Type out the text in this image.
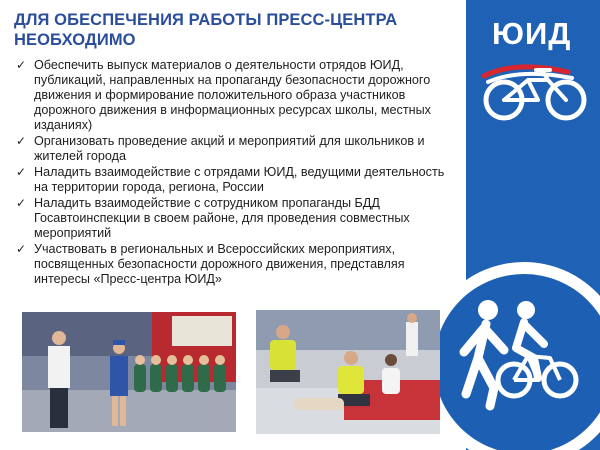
ДЛЯ ОБЕСПЕЧЕНИЯ РАБОТЫ ПРЕСС-ЦЕНТРА НЕОБХОДИМО
✓ Обеспечить выпуск материалов о деятельности отрядов ЮИД, публикаций, направленных на пропаганду безопасности дорожного движения и формирование положительного образа участников дорожного движения в информационных ресурсах школы, местных изданиях)
✓ Организовать проведение акций и мероприятий для школьников и жителей города
✓ Наладить взаимодействие с отрядами ЮИД, ведущими деятельность на территории города, региона, России
✓ Наладить взаимодействие с сотрудником пропаганды БДД Госавтоинспекции в своем районе, для проведения совместных мероприятий
✓ Участвовать в региональных и Всероссийских мероприятиях, посвященных безопасности дорожного движения, представляя интересы «Пресс-центра ЮИД»
ЮИД
